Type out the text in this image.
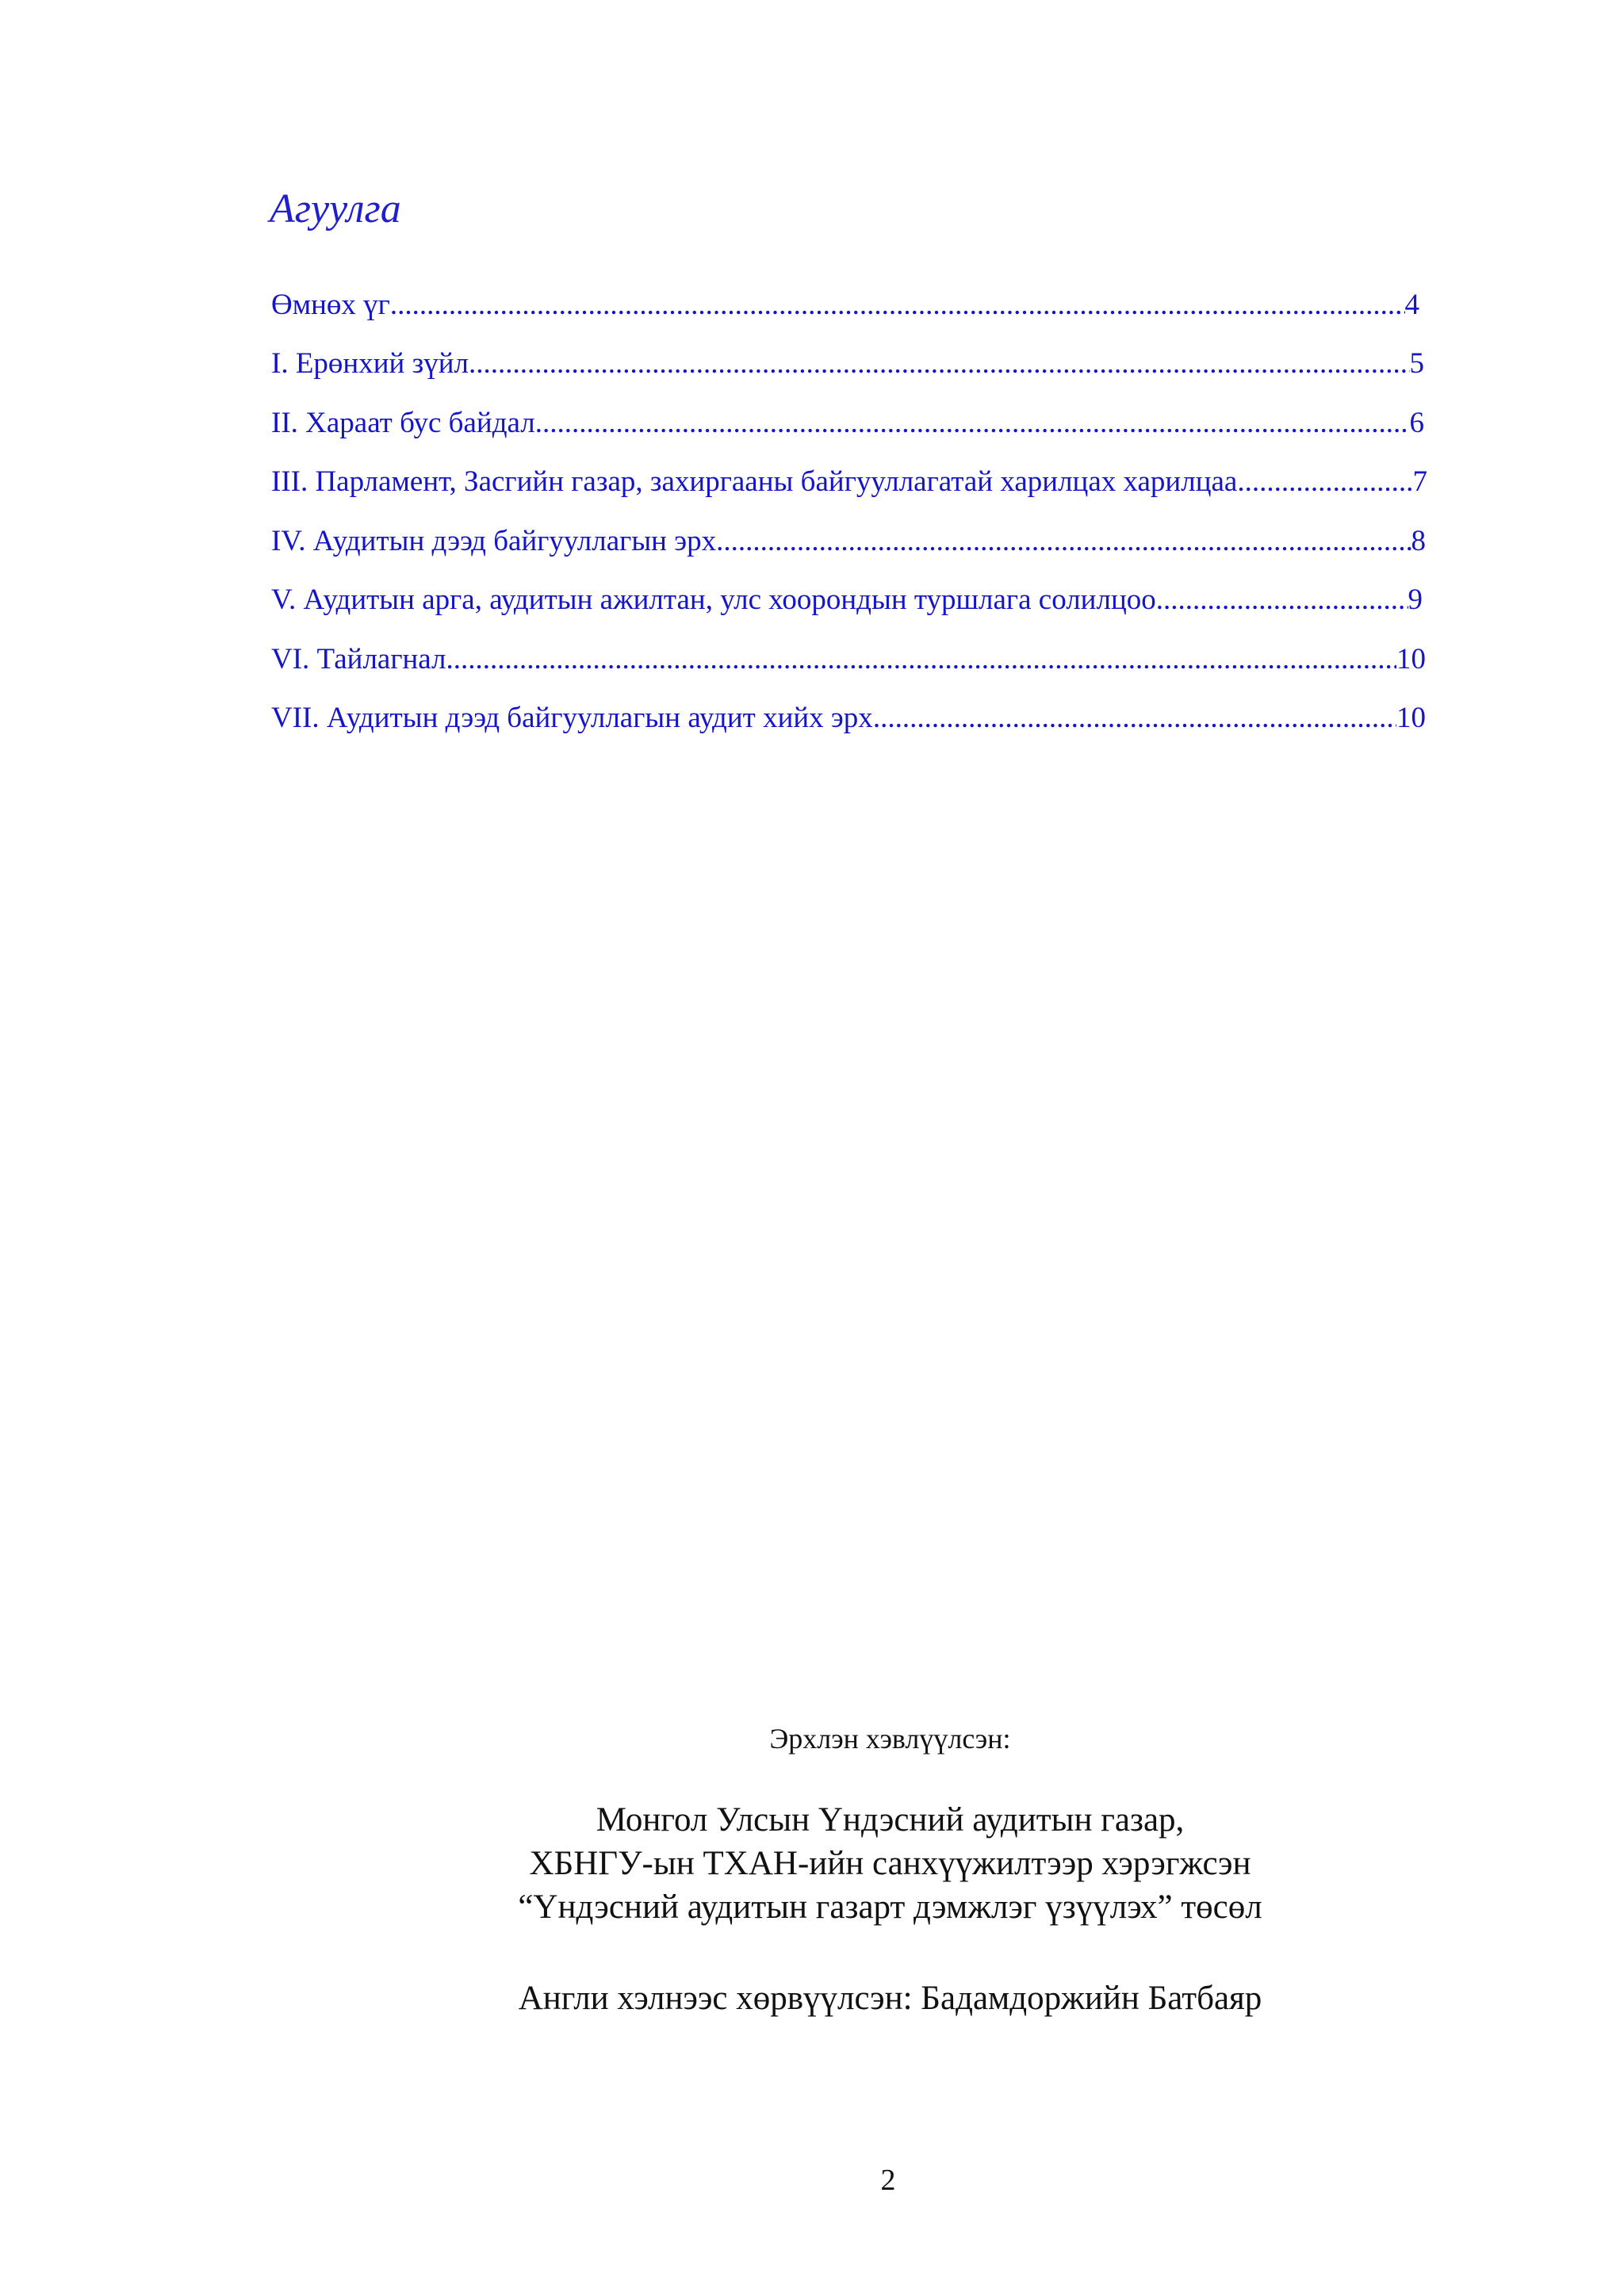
Агуулга
Өмнөх үг .....	4
I. Ерөнхий зүйл .....	5
II. Хараат бус байдал .....	6
III. Парламент, Засгийн газар, захиргааны байгууллагатай харилцах харилцаа .....	7
IV. Аудитын дээд байгууллагын эрх .....	8
V. Аудитын арга, аудитын ажилтан, улс хоорондын туршлага солилцоо .....	9
VI. Тайлагнал .....	10
VII. Аудитын дээд байгууллагын аудит хийх эрх .....	10
Эрхлэн хэвлүүлсэн:
Монгол Улсын Үндэсний аудитын газар,
ХБНГУ-ын ТХАН-ийн санхүүжилтээр хэрэгжсэн
“Үндэсний аудитын газарт дэмжлэг үзүүлэх” төсөл
Англи хэлнээс хөрвүүлсэн: Бадамдоржийн Батбаяр
2
